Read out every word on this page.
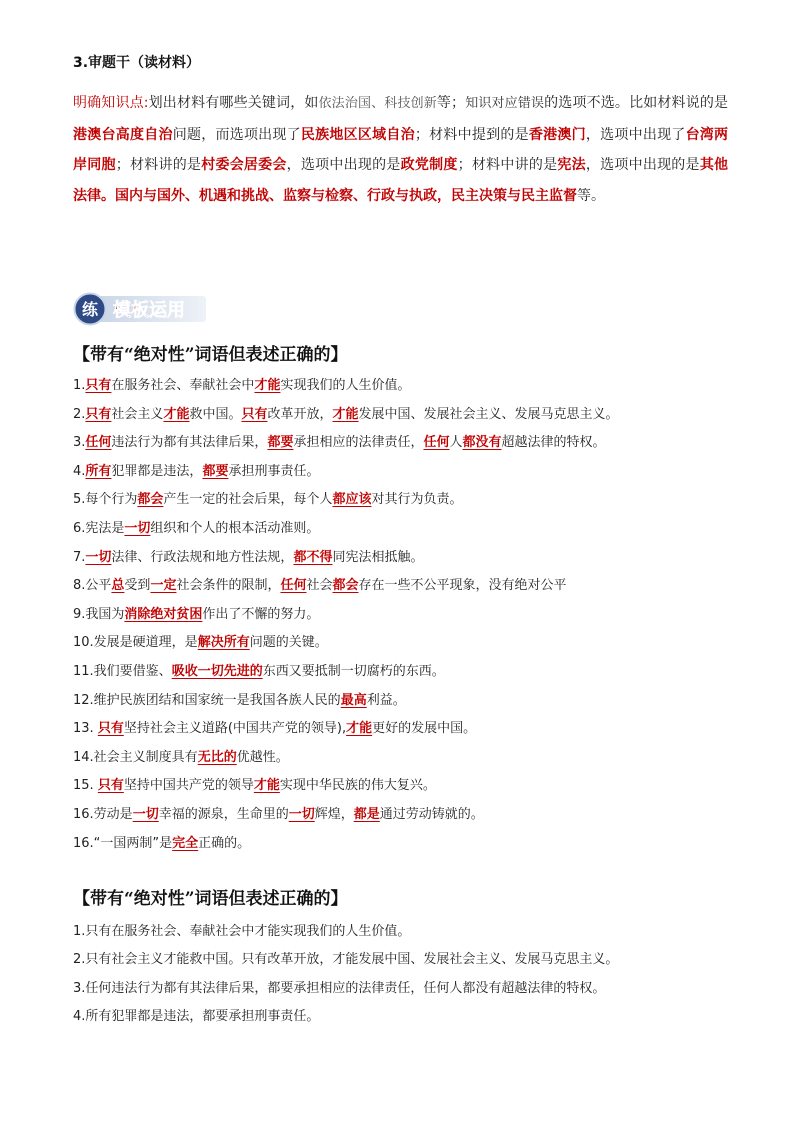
3.审题干（读材料）
明确知识点:划出材料有哪些关键词，如依法治国、科技创新等；知识对应错误的选项不选。比如材料说的是港澳台高度自治问题，而选项出现了民族地区区域自治；材料中提到的是香港澳门，选项中出现了台湾两岸同胞；材料讲的是村委会居委会，选项中出现的是政党制度；材料中讲的是宪法，选项中出现的是其他法律。国内与国外、机遇和挑战、监察与检察、行政与执政，民主决策与民主监督等。
练 模板运用
【带有“绝对性”词语但表述正确的】
1.只有在服务社会、奉献社会中才能实现我们的人生价值。
2.只有社会主义才能救中国。只有改革开放，才能发展中国、发展社会主义、发展马克思主义。
3.任何违法行为都有其法律后果，都要承担相应的法律责任，任何人都没有超越法律的特权。
4.所有犯罪都是违法，都要承担刑事责任。
5.每个行为都会产生一定的社会后果，每个人都应该对其行为负责。
6.宪法是一切组织和个人的根本活动准则。
7.一切法律、行政法规和地方性法规，都不得同宪法相抵触。
8.公平总受到一定社会条件的限制，任何社会都会存在一些不公平现象，没有绝对公平
9.我国为消除绝对贫困作出了不懈的努力。
10.发展是硬道理，是解决所有问题的关键。
11.我们要借鉴、吸收一切先进的东西又要抵制一切腐朽的东西。
12.维护民族团结和国家统一是我国各族人民的最高利益。
13. 只有坚持社会主义道路(中国共产党的领导),才能更好的发展中国。
14.社会主义制度具有无比的优越性。
15. 只有坚持中国共产党的领导才能实现中华民族的伟大复兴。
16.劳动是一切幸福的源泉，生命里的一切辉煌，都是通过劳动铸就的。
16.“一国两制”是完全正确的。
【带有“绝对性”词语但表述正确的】
1.只有在服务社会、奉献社会中才能实现我们的人生价值。
2.只有社会主义才能救中国。只有改革开放，才能发展中国、发展社会主义、发展马克思主义。
3.任何违法行为都有其法律后果，都要承担相应的法律责任，任何人都没有超越法律的特权。
4.所有犯罪都是违法，都要承担刑事责任。
